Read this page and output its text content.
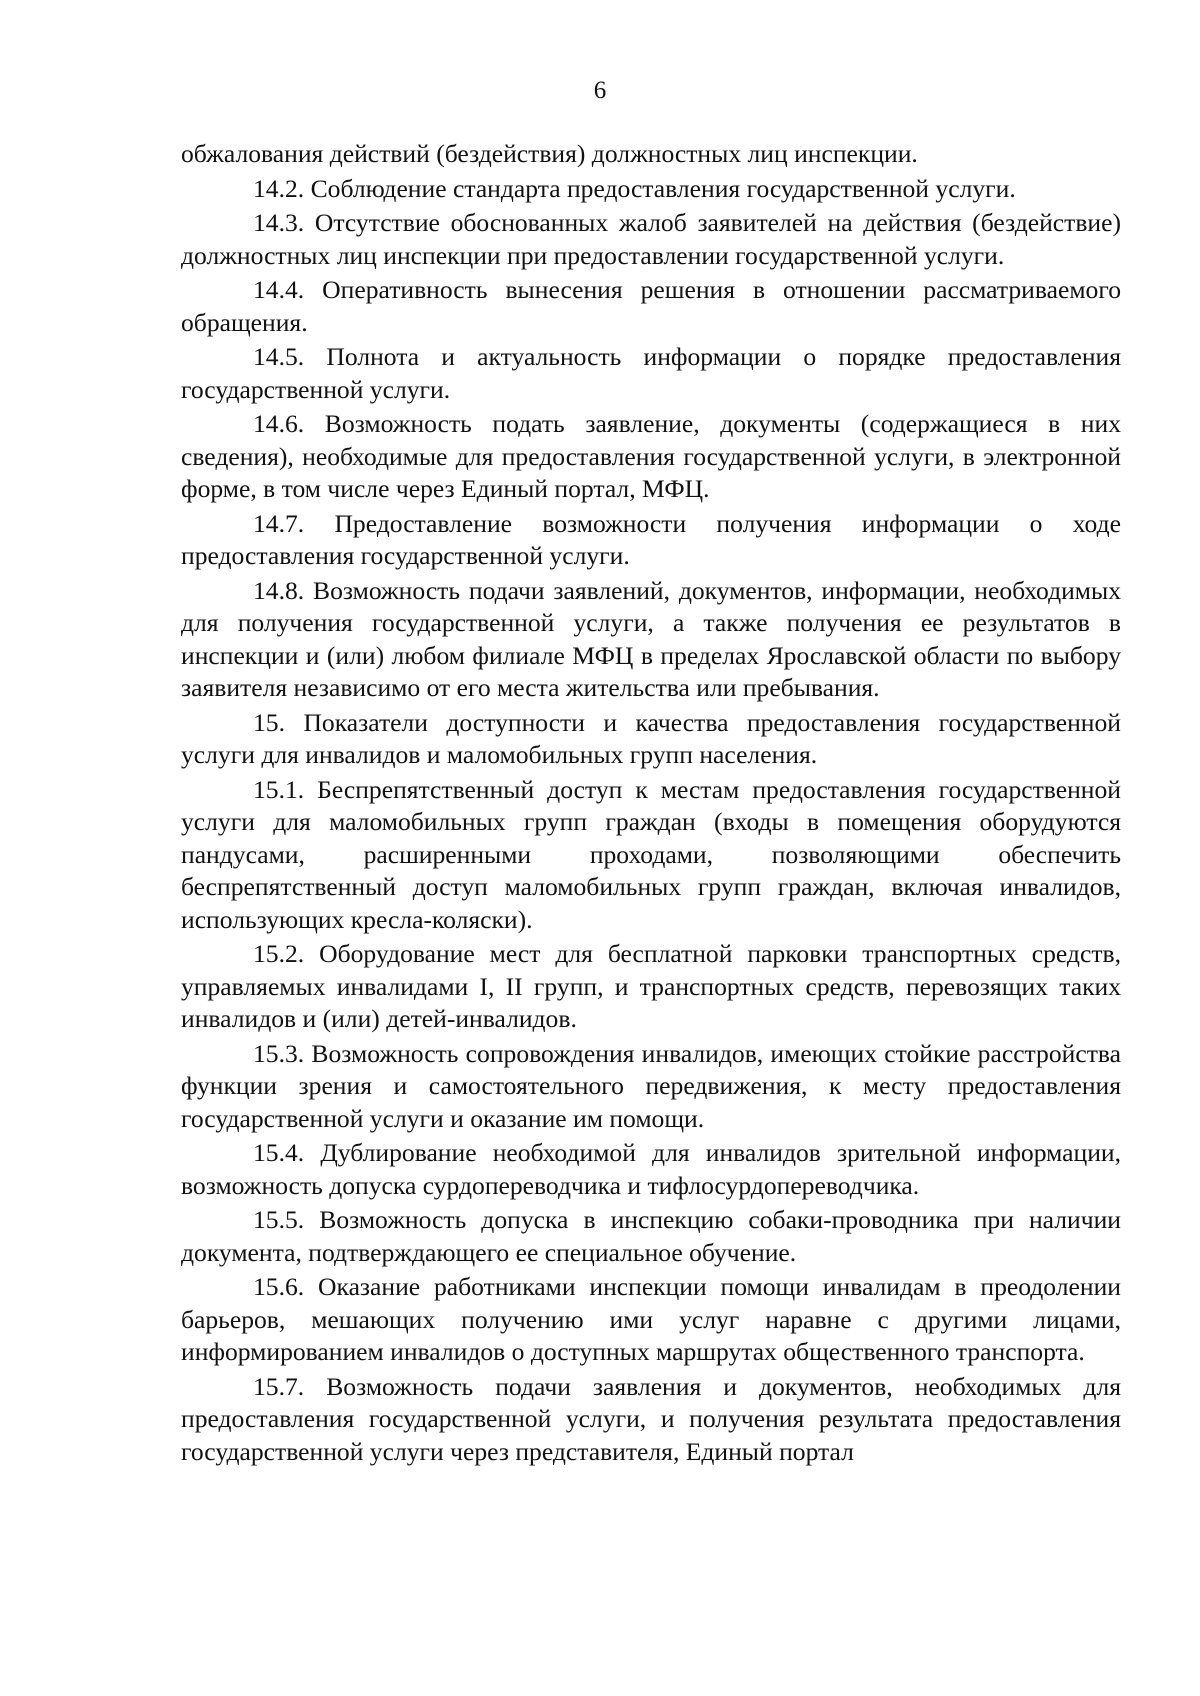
6

обжалования действий (бездействия) должностных лиц инспекции.

14.2. Соблюдение стандарта предоставления государственной услуги.

14.3. Отсутствие обоснованных жалоб заявителей на действия (бездействие) должностных лиц инспекции при предоставлении государственной услуги.

14.4. Оперативность вынесения решения в отношении рассматриваемого обращения.

14.5. Полнота и актуальность информации о порядке предоставления государственной услуги.

14.6. Возможность подать заявление, документы (содержащиеся в них сведения), необходимые для предоставления государственной услуги, в электронной форме, в том числе через Единый портал, МФЦ.

14.7. Предоставление возможности получения информации о ходе предоставления государственной услуги.

14.8. Возможность подачи заявлений, документов, информации, необходимых для получения государственной услуги, а также получения ее результатов в инспекции и (или) любом филиале МФЦ в пределах Ярославской области по выбору заявителя независимо от его места жительства или пребывания.

15. Показатели доступности и качества предоставления государственной услуги для инвалидов и маломобильных групп населения.

15.1. Беспрепятственный доступ к местам предоставления государственной услуги для маломобильных групп граждан (входы в помещения оборудуются пандусами, расширенными проходами, позволяющими обеспечить беспрепятственный доступ маломобильных групп граждан, включая инвалидов, использующих кресла-коляски).

15.2. Оборудование мест для бесплатной парковки транспортных средств, управляемых инвалидами I, II групп, и транспортных средств, перевозящих таких инвалидов и (или) детей-инвалидов.

15.3. Возможность сопровождения инвалидов, имеющих стойкие расстройства функции зрения и самостоятельного передвижения, к месту предоставления государственной услуги и оказание им помощи.

15.4. Дублирование необходимой для инвалидов зрительной информации, возможность допуска сурдопереводчика и тифлосурдопереводчика.

15.5. Возможность допуска в инспекцию собаки-проводника при наличии документа, подтверждающего ее специальное обучение.

15.6. Оказание работниками инспекции помощи инвалидам в преодолении барьеров, мешающих получению ими услуг наравне с другими лицами, информированием инвалидов о доступных маршрутах общественного транспорта.

15.7. Возможность подачи заявления и документов, необходимых для предоставления государственной услуги, и получения результата предоставления государственной услуги через представителя, Единый портал
